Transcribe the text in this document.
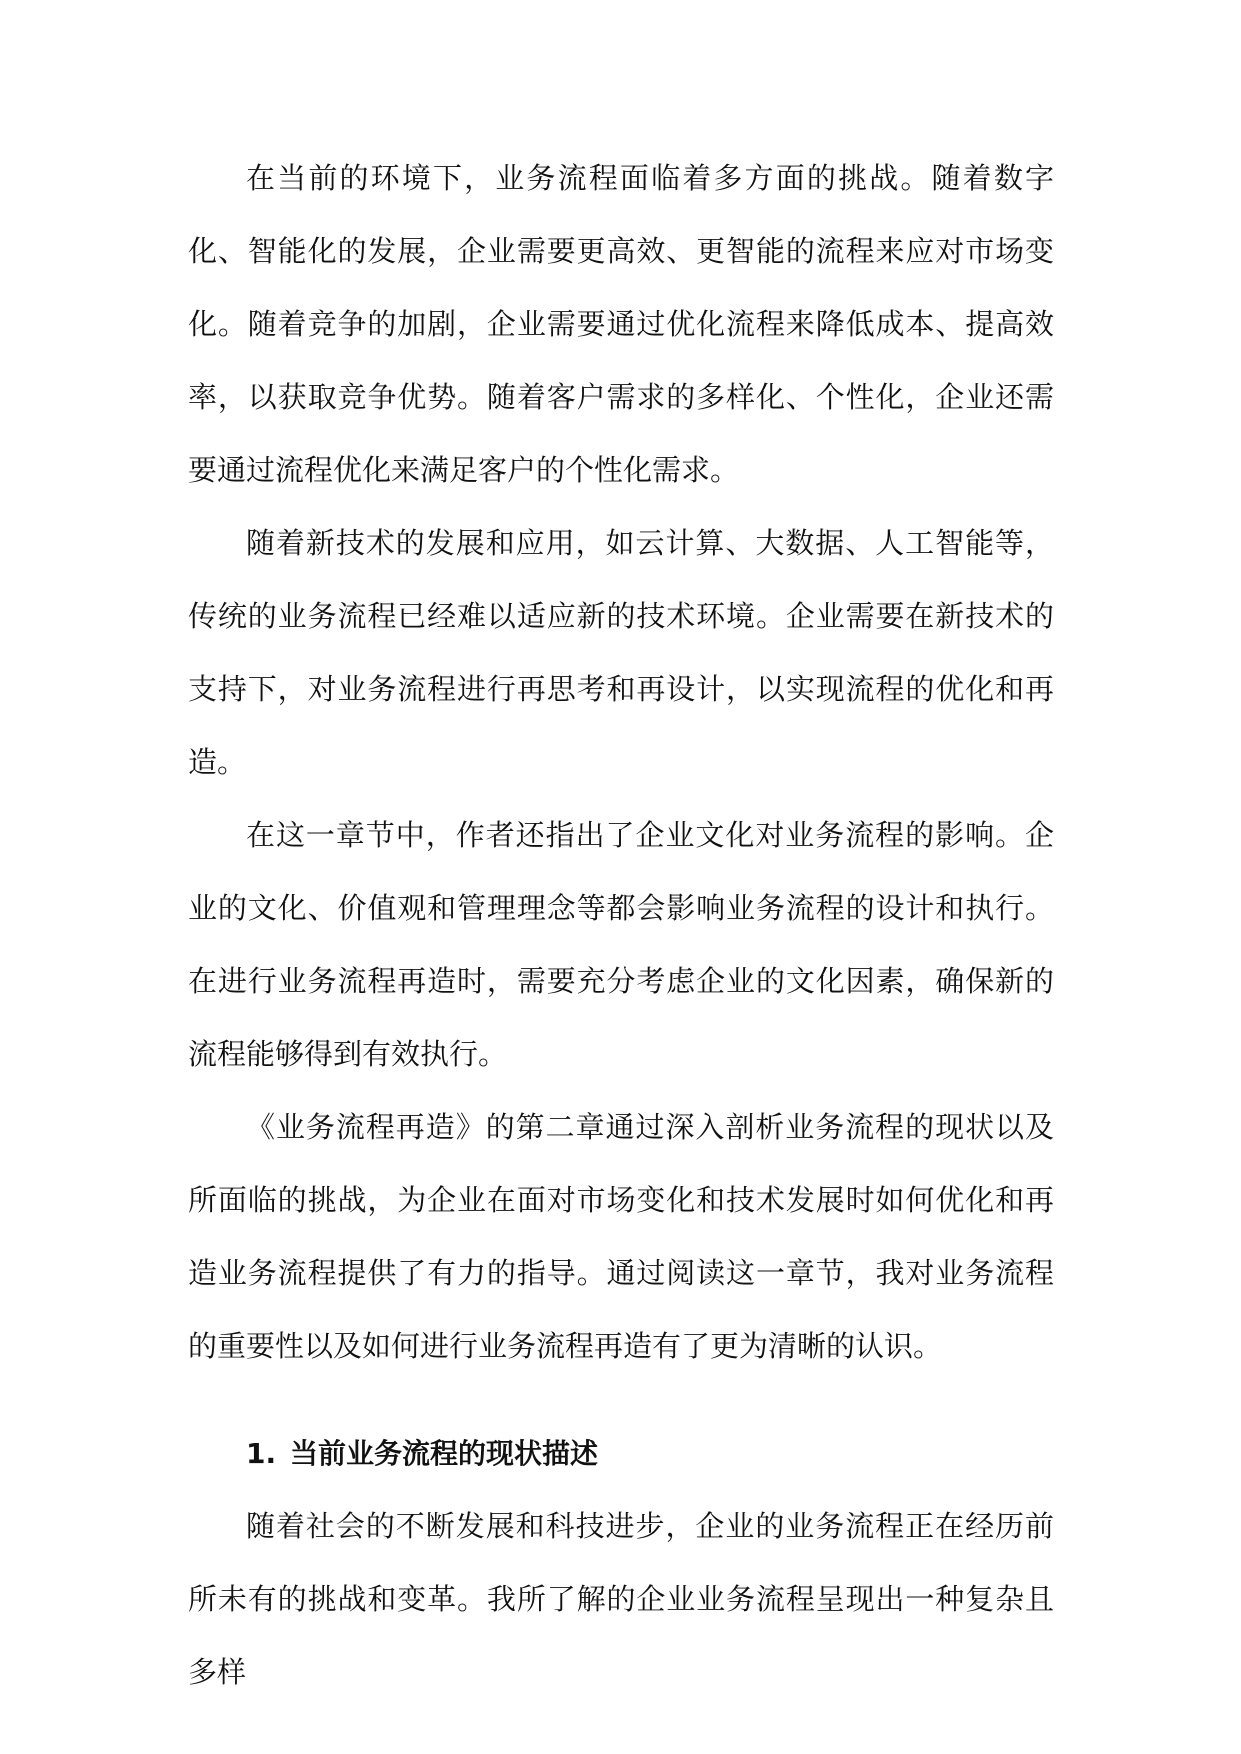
在当前的环境下，业务流程面临着多方面的挑战。随着数字化、智能化的发展，企业需要更高效、更智能的流程来应对市场变化。随着竞争的加剧，企业需要通过优化流程来降低成本、提高效率，以获取竞争优势。随着客户需求的多样化、个性化，企业还需要通过流程优化来满足客户的个性化需求。

随着新技术的发展和应用，如云计算、大数据、人工智能等，传统的业务流程已经难以适应新的技术环境。企业需要在新技术的支持下，对业务流程进行再思考和再设计，以实现流程的优化和再造。

在这一章节中，作者还指出了企业文化对业务流程的影响。企业的文化、价值观和管理理念等都会影响业务流程的设计和执行。在进行业务流程再造时，需要充分考虑企业的文化因素，确保新的流程能够得到有效执行。

《业务流程再造》的第二章通过深入剖析业务流程的现状以及所面临的挑战，为企业在面对市场变化和技术发展时如何优化和再造业务流程提供了有力的指导。通过阅读这一章节，我对业务流程的重要性以及如何进行业务流程再造有了更为清晰的认识。

1. 当前业务流程的现状描述

随着社会的不断发展和科技进步，企业的业务流程正在经历前所未有的挑战和变革。我所了解的企业业务流程呈现出一种复杂且多样
